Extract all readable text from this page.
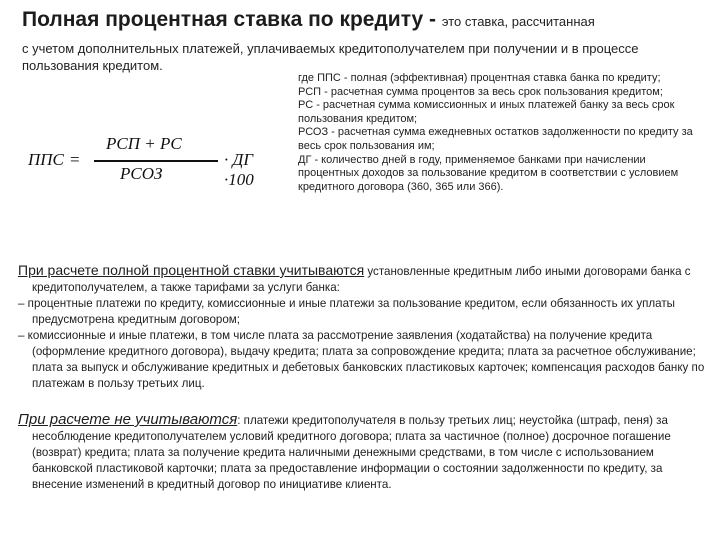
Полная процентная ставка по кредиту - это ставка, рассчитанная
с учетом дополнительных платежей, уплачиваемых кредитополучателем при получении и в процессе пользования кредитом.
ППС =
РСП + РС
РСОЗ
· ДГ ·100
где ППС - полная (эффективная) процентная ставка банка по кредиту;
РСП - расчетная сумма процентов за весь срок пользования кредитом;
РС - расчетная сумма комиссионных и иных платежей банку за весь срок пользования кредитом;
РСОЗ - расчетная сумма ежедневных остатков задолженности по кредиту за весь срок пользования им;
ДГ - количество дней в году, применяемое банками при начислении процентных доходов за пользование кредитом в соответствии с условием кредитного договора (360, 365 или 366).
При расчете полной процентной ставки учитываются установленные кредитным либо иными договорами банка с кредитополучателем, а также тарифами за услуги банка:
– процентные платежи по кредиту, комиссионные и иные платежи за пользование кредитом, если обязанность их уплаты предусмотрена кредитным договором;
– комиссионные и иные платежи, в том числе плата за рассмотрение заявления (ходатайства) на получение кредита (оформление кредитного договора), выдачу кредита; плата за сопровождение кредита; плата за расчетное обслуживание; плата за выпуск и обслуживание кредитных и дебетовых банковских пластиковых карточек; компенсация расходов банку по платежам в пользу третьих лиц.
При расчете не учитываются: платежи кредитополучателя в пользу третьих лиц; неустойка (штраф, пеня) за несоблюдение кредитополучателем условий кредитного договора; плата за частичное (полное) досрочное погашение (возврат) кредита; плата за получение кредита наличными денежными средствами, в том числе с использованием банковской пластиковой карточки; плата за предоставление информации о состоянии задолженности по кредиту, за внесение изменений в кредитный договор по инициативе клиента.
